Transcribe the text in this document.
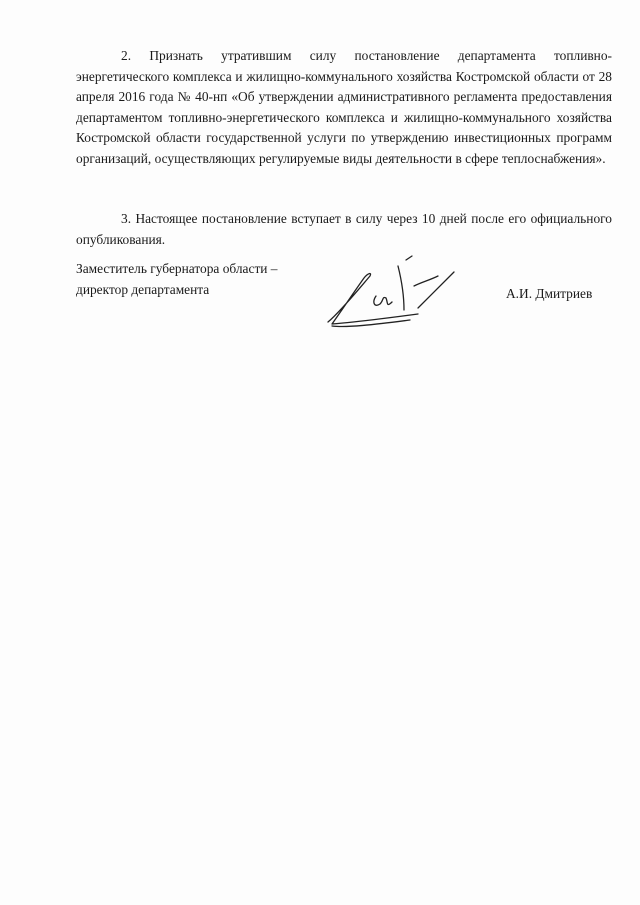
2. Признать утратившим силу постановление департамента топливно-энергетического комплекса и жилищно-коммунального хозяйства Костромской области от 28 апреля 2016 года № 40-нп «Об утверждении административного регламента предоставления департаментом топливно-энергетического комплекса и жилищно-коммунального хозяйства Костромской области государственной услуги по утверждению инвестиционных программ организаций, осуществляющих регулируемые виды деятельности в сфере теплоснабжения».

3. Настоящее постановление вступает в силу через 10 дней после его официального опубликования.

Заместитель губернатора области –
директор департамента	А.И. Дмитриев
